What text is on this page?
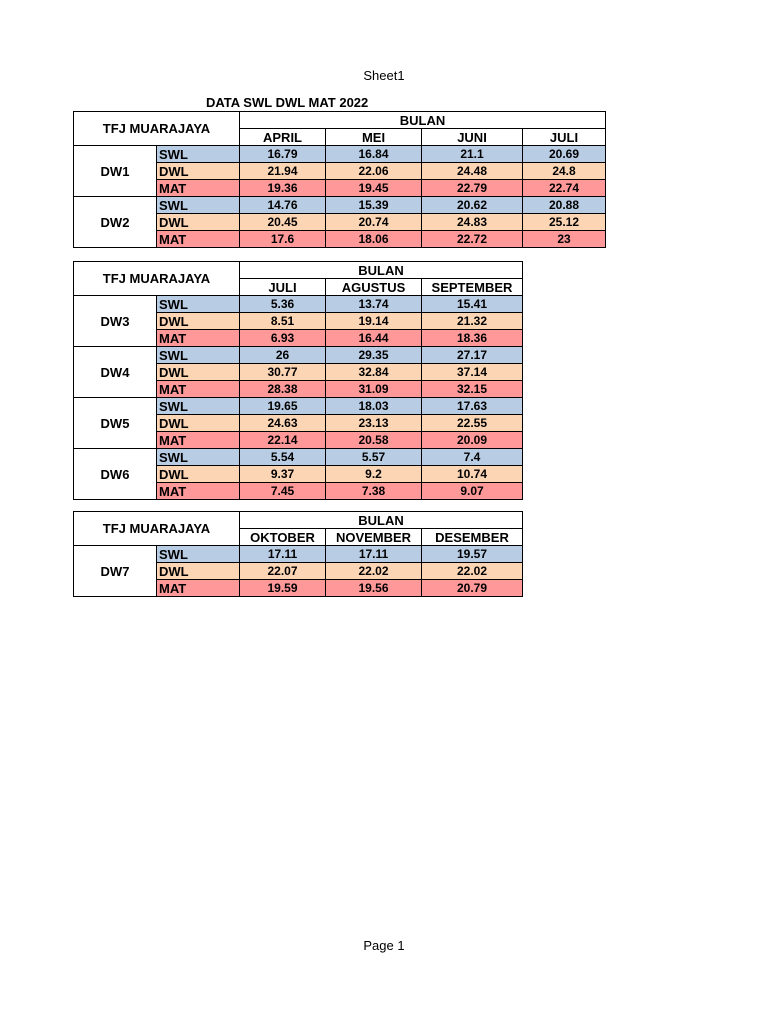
Sheet1
DATA SWL DWL MAT 2022
TFJ MUARAJAYA		BULAN			
		APRIL	MEI	JUNI	JULI
DW1	SWL	16.79	16.84	21.1	20.69
	DWL	21.94	22.06	24.48	24.8
	MAT	19.36	19.45	22.79	22.74
DW2	SWL	14.76	15.39	20.62	20.88
	DWL	20.45	20.74	24.83	25.12
	MAT	17.6	18.06	22.72	23
TFJ MUARAJAYA		BULAN		
		JULI	AGUSTUS	SEPTEMBER
DW3	SWL	5.36	13.74	15.41
	DWL	8.51	19.14	21.32
	MAT	6.93	16.44	18.36
DW4	SWL	26	29.35	27.17
	DWL	30.77	32.84	37.14
	MAT	28.38	31.09	32.15
DW5	SWL	19.65	18.03	17.63
	DWL	24.63	23.13	22.55
	MAT	22.14	20.58	20.09
DW6	SWL	5.54	5.57	7.4
	DWL	9.37	9.2	10.74
	MAT	7.45	7.38	9.07
TFJ MUARAJAYA		BULAN		
		OKTOBER	NOVEMBER	DESEMBER
DW7	SWL	17.11	17.11	19.57
	DWL	22.07	22.02	22.02
	MAT	19.59	19.56	20.79
Page 1
